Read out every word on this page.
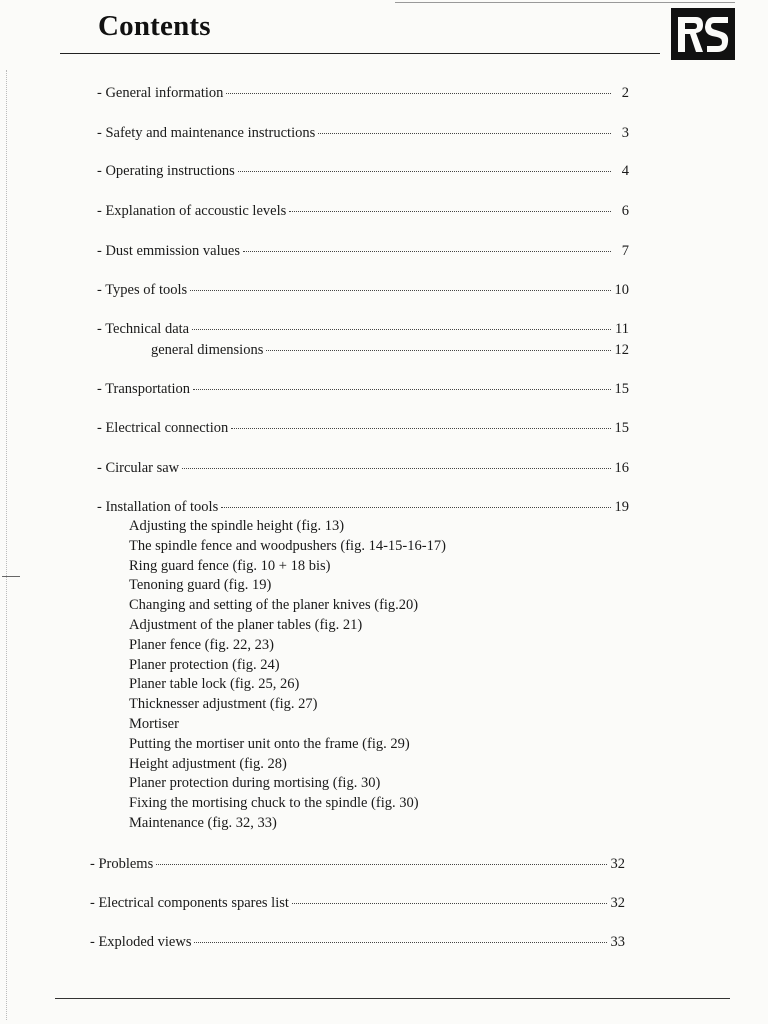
Contents
- General information	2
- Safety and maintenance instructions	3
- Operating instructions	4
- Explanation of accoustic levels	6
- Dust emmission values	7
- Types of tools	10
- Technical data	11
general dimensions	12
- Transportation	15
- Electrical connection	15
- Circular saw	16
- Installation of tools	19
Adjusting the spindle height (fig. 13)
The spindle fence and woodpushers (fig. 14-15-16-17)
Ring guard fence (fig. 10 + 18 bis)
Tenoning guard (fig. 19)
Changing and setting of the planer knives (fig.20)
Adjustment of the planer tables (fig. 21)
Planer fence (fig. 22, 23)
Planer protection (fig. 24)
Planer table lock (fig. 25, 26)
Thicknesser adjustment (fig. 27)
Mortiser
Putting the mortiser unit onto the frame (fig. 29)
Height adjustment (fig. 28)
Planer protection during mortising (fig. 30)
Fixing the mortising chuck to the spindle (fig. 30)
Maintenance (fig. 32, 33)
- Problems	32
- Electrical components spares list	32
- Exploded views	33
